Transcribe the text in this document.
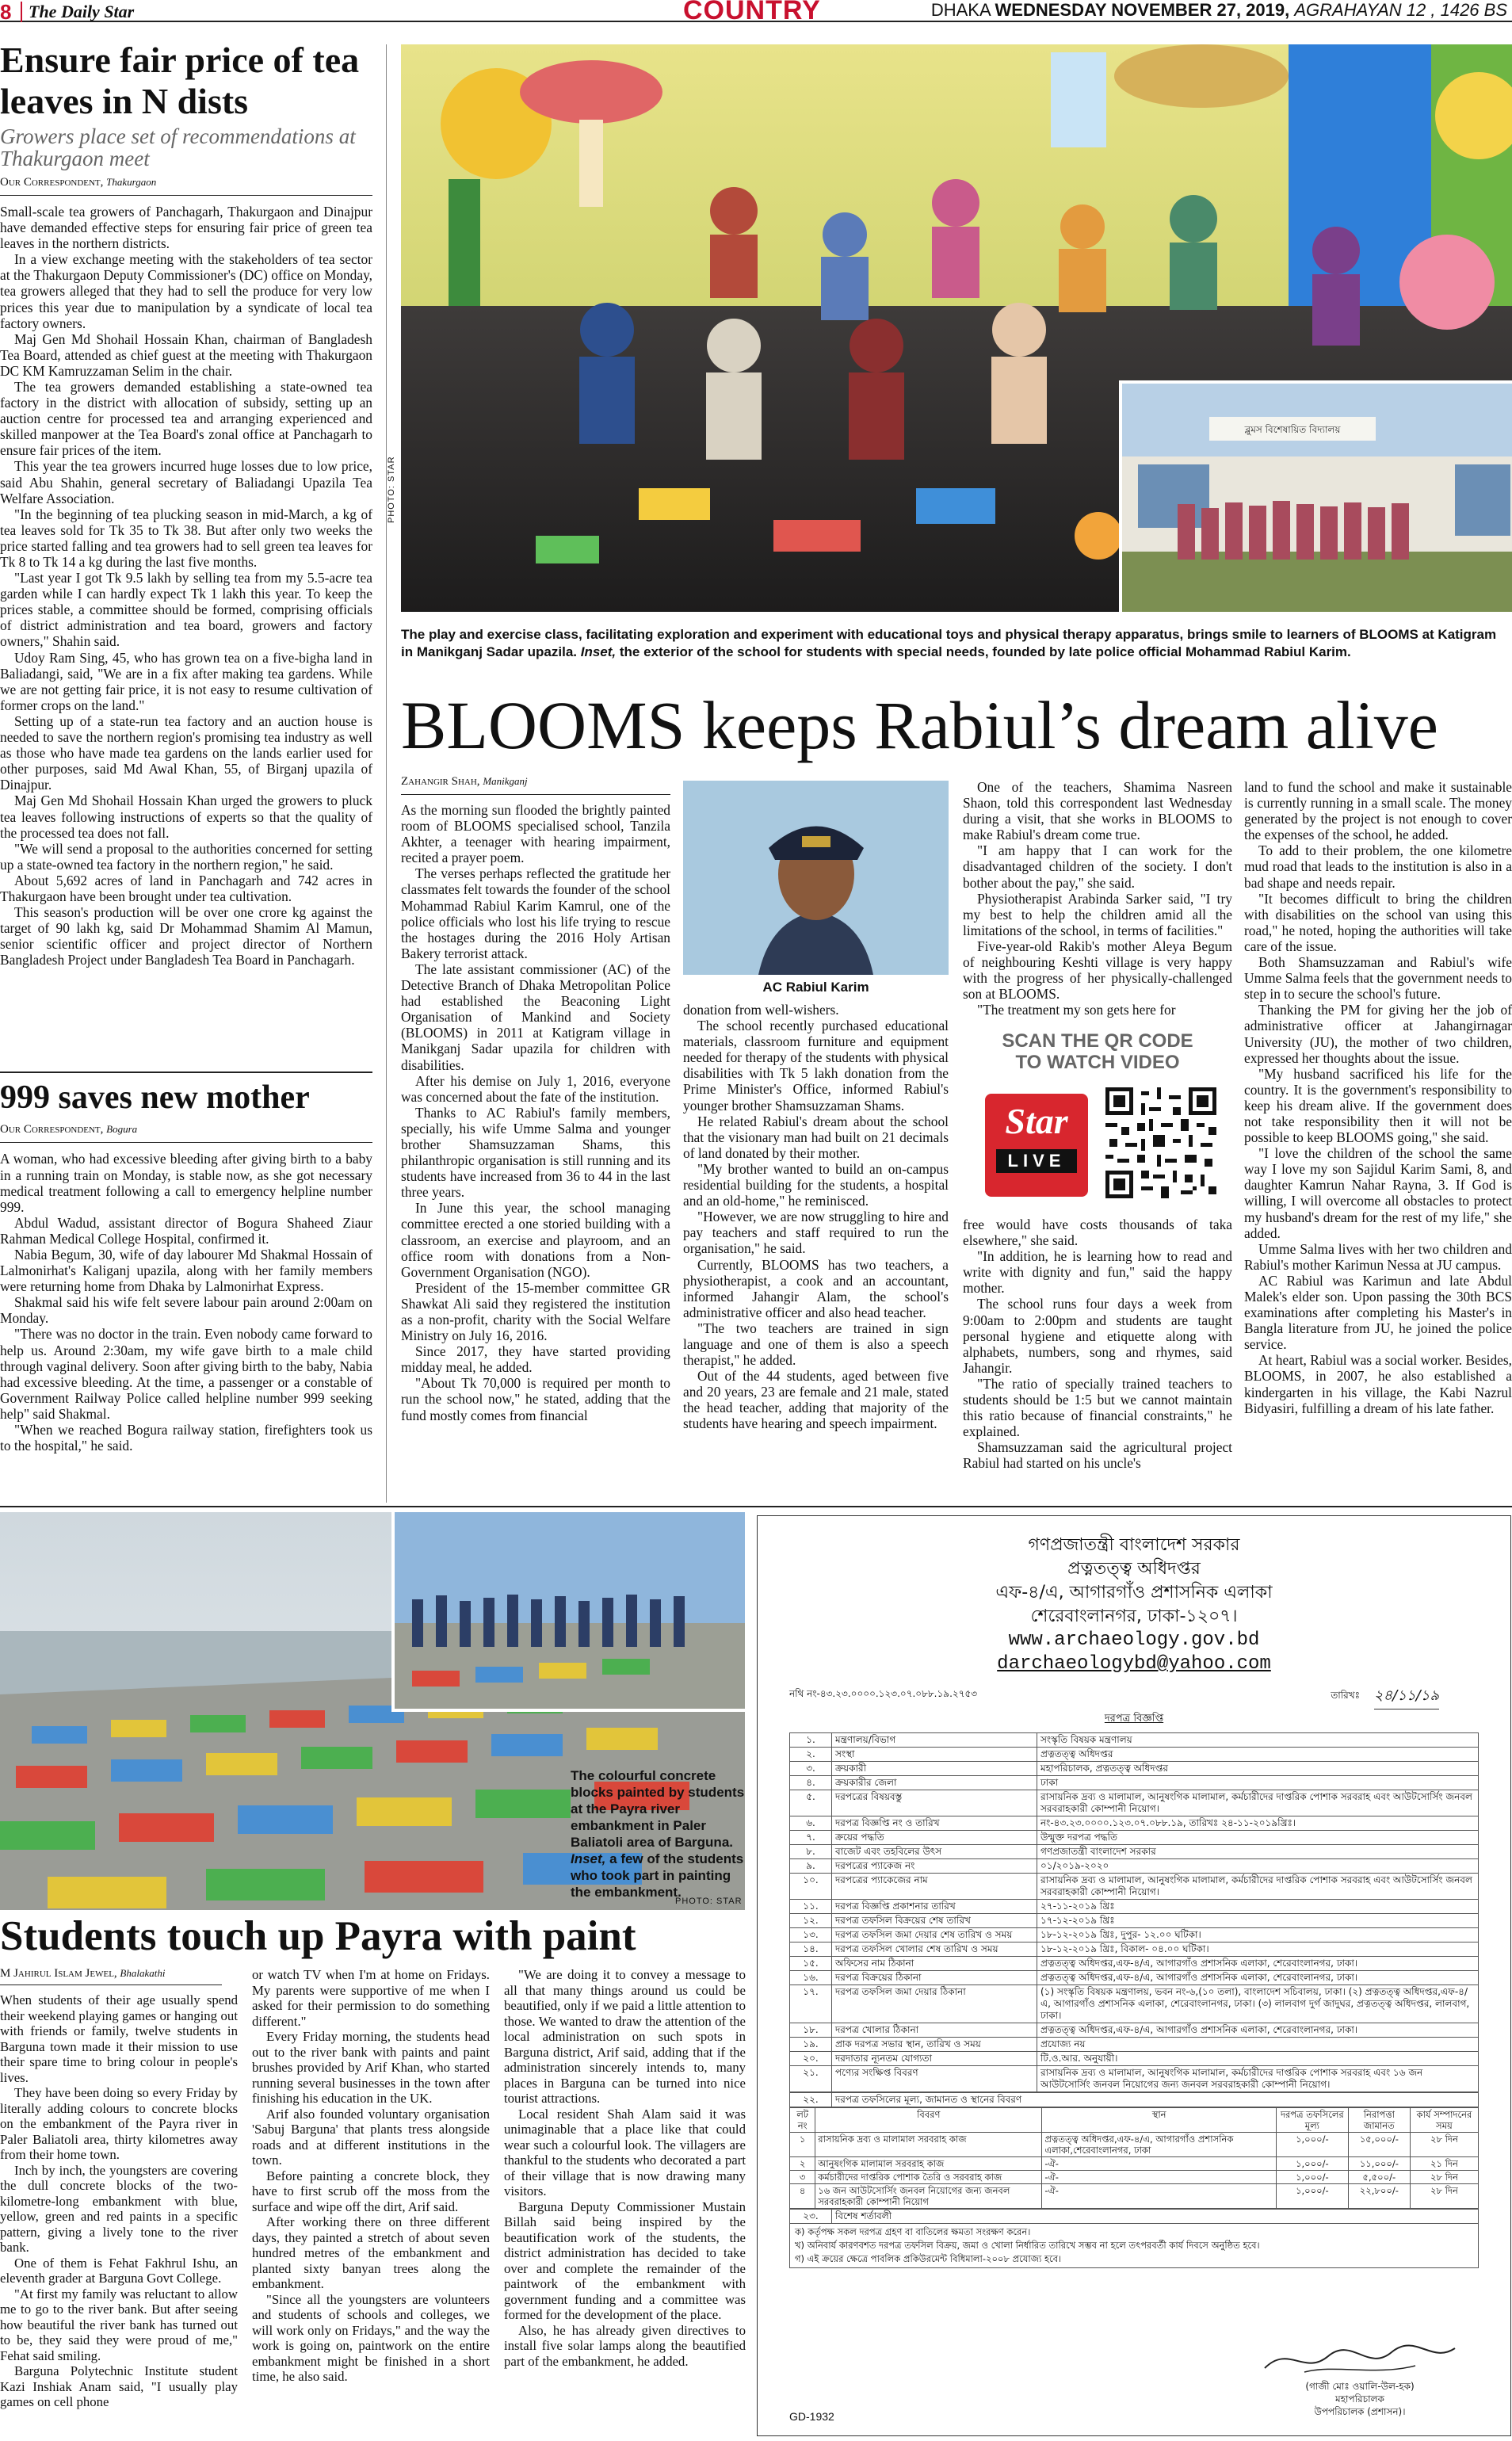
8 The Daily Star	COUNTRY	DHAKA WEDNESDAY NOVEMBER 27, 2019, AGRAHAYAN 12 , 1426 BS
Ensure fair price of tea leaves in N dists
Growers place set of recommendations at Thakurgaon meet
Our Correspondent, Thakurgaon

Small-scale tea growers of Panchagarh, Thakurgaon and Dinajpur have demanded effective steps for ensuring fair price of green tea leaves in the northern districts.

In a view exchange meeting with the stakeholders of tea sector at the Thakurgaon Deputy Commissioner's (DC) office on Monday, tea growers alleged that they had to sell the produce for very low prices this year due to manipulation by a syndicate of local tea factory owners.

Maj Gen Md Shohail Hossain Khan, chairman of Bangladesh Tea Board, attended as chief guest at the meeting with Thakurgaon DC KM Kamruzzaman Selim in the chair.

The tea growers demanded establishing a state-owned tea factory in the district with allocation of subsidy, setting up an auction centre for processed tea and arranging experienced and skilled manpower at the Tea Board's zonal office at Panchagarh to ensure fair prices of the item.

This year the tea growers incurred huge losses due to low price, said Abu Shahin, general secretary of Baliadangi Upazila Tea Welfare Association.

"In the beginning of tea plucking season in mid-March, a kg of tea leaves sold for Tk 35 to Tk 38. But after only two weeks the price started falling and tea growers had to sell green tea leaves for Tk 8 to Tk 14 a kg during the last five months.

"Last year I got Tk 9.5 lakh by selling tea from my 5.5-acre tea garden while I can hardly expect Tk 1 lakh this year. To keep the prices stable, a committee should be formed, comprising officials of district administration and tea board, growers and factory owners," Shahin said.

Udoy Ram Sing, 45, who has grown tea on a five-bigha land in Baliadangi, said, "We are in a fix after making tea gardens. While we are not getting fair price, it is not easy to resume cultivation of former crops on the land."

Setting up of a state-run tea factory and an auction house is needed to save the northern region's promising tea industry as well as those who have made tea gardens on the lands earlier used for other purposes, said Md Awal Khan, 55, of Birganj upazila of Dinajpur.

Maj Gen Md Shohail Hossain Khan urged the growers to pluck tea leaves following instructions of experts so that the quality of the processed tea does not fall.

"We will send a proposal to the authorities concerned for setting up a state-owned tea factory in the northern region," he said.

About 5,692 acres of land in Panchagarh and 742 acres in Thakurgaon have been brought under tea cultivation.

This season's production will be over one crore kg against the target of 90 lakh kg, said Dr Mohammad Shamim Al Mamun, senior scientific officer and project director of Northern Bangladesh Project under Bangladesh Tea Board in Panchagarh.

999 saves new mother
Our Correspondent, Bogura

A woman, who had excessive bleeding after giving birth to a baby in a running train on Monday, is stable now, as she got necessary medical treatment following a call to emergency helpline number 999.

Abdul Wadud, assistant director of Bogura Shaheed Ziaur Rahman Medical College Hospital, confirmed it.

Nabia Begum, 30, wife of day labourer Md Shakmal Hossain of Lalmonirhat's Kaliganj upazila, along with her family members were returning home from Dhaka by Lalmonirhat Express.

Shakmal said his wife felt severe labour pain around 2:00am on Monday.

"There was no doctor in the train. Even nobody came forward to help us. Around 2:30am, my wife gave birth to a male child through vaginal delivery. Soon after giving birth to the baby, Nabia had excessive bleeding. At the time, a passenger or a constable of Government Railway Police called helpline number 999 seeking help" said Shakmal.

"When we reached Bogura railway station, firefighters took us to the hospital," he said.

ব্লুমস বিশেষায়িত বিদ্যালয়
PHOTO: STAR
The play and exercise class, facilitating exploration and experiment with educational toys and physical therapy apparatus, brings smile to learners of BLOOMS at Katigram in Manikganj Sadar upazila. Inset, the exterior of the school for students with special needs, founded by late police official Mohammad Rabiul Karim.
BLOOMS keeps Rabiul’s dream alive
Zahangir Shah, Manikganj

As the morning sun flooded the brightly painted room of BLOOMS specialised school, Tanzila Akhter, a teenager with hearing impairment, recited a prayer poem.

The verses perhaps reflected the gratitude her classmates felt towards the founder of the school Mohammad Rabiul Karim Kamrul, one of the police officials who lost his life trying to rescue the hostages during the 2016 Holy Artisan Bakery terrorist attack.

The late assistant commissioner (AC) of the Detective Branch of Dhaka Metropolitan Police had established the Beaconing Light Organisation of Mankind and Society (BLOOMS) in 2011 at Katigram village in Manikganj Sadar upazila for children with disabilities.

After his demise on July 1, 2016, everyone was concerned about the fate of the institution.

Thanks to AC Rabiul's family members, specially, his wife Umme Salma and younger brother Shamsuzzaman Shams, this philanthropic organisation is still running and its students have increased from 36 to 44 in the last three years.

In June this year, the school managing committee erected a one storied building with a classroom, an exercise and playroom, and an office room with donations from a Non-Government Organisation (NGO).

President of the 15-member committee GR Shawkat Ali said they registered the institution as a non-profit, charity with the Social Welfare Ministry on July 16, 2016.

Since 2017, they have started providing midday meal, he added.

"About Tk 70,000 is required per month to run the school now," he stated, adding that the fund mostly comes from financial

AC Rabiul Karim

donation from well-wishers.

The school recently purchased educational materials, classroom furniture and equipment needed for therapy of the students with physical disabilities with Tk 5 lakh donation from the Prime Minister's Office, informed Rabiul's younger brother Shamsuzzaman Shams.

He related Rabiul's dream about the school that the visionary man had built on 21 decimals of land donated by their mother.

"My brother wanted to build an on-campus residential building for the students, a hospital and an old-home," he reminisced.

"However, we are now struggling to hire and pay teachers and staff required to run the organisation," he said.

Currently, BLOOMS has two teachers, a physiotherapist, a cook and an accountant, informed Jahangir Alam, the school's administrative officer and also head teacher.

"The two teachers are trained in sign language and one of them is also a speech therapist," he added.

Out of the 44 students, aged between five and 20 years, 23 are female and 21 male, stated the head teacher, adding that majority of the students have hearing and speech impairment.

One of the teachers, Shamima Nasreen Shaon, told this correspondent last Wednesday during a visit, that she works in BLOOMS to make Rabiul's dream come true.

"I am happy that I can work for the disadvantaged children of the society. I don't bother about the pay," she said.

Physiotherapist Arabinda Sarker said, "I try my best to help the children amid all the limitations of the school, in terms of facilities."

Five-year-old Rakib's mother Aleya Begum of neighbouring Keshti village is very happy with the progress of her physically-challenged son at BLOOMS.

"The treatment my son gets here for

SCAN THE QR CODE
TO WATCH VIDEO
Star
LIVE

free would have costs thousands of taka elsewhere," she said.

"In addition, he is learning how to read and write with dignity and fun," said the happy mother.

The school runs four days a week from 9:00am to 2:00pm and students are taught personal hygiene and etiquette along with alphabets, numbers, song and rhymes, said Jahangir.

"The ratio of specially trained teachers to students should be 1:5 but we cannot maintain this ratio because of financial constraints," he explained.

Shamsuzzaman said the agricultural project Rabiul had started on his uncle's

land to fund the school and make it sustainable is currently running in a small scale. The money generated by the project is not enough to cover the expenses of the school, he added.

To add to their problem, the one kilometre mud road that leads to the institution is also in a bad shape and needs repair.

"It becomes difficult to bring the children with disabilities on the school van using this road," he noted, hoping the authorities will take care of the issue.

Both Shamsuzzaman and Rabiul's wife Umme Salma feels that the government needs to step in to secure the school's future.

Thanking the PM for giving her the job of administrative officer at Jahangirnagar University (JU), the mother of two children, expressed her thoughts about the issue.

"My husband sacrificed his life for the country. It is the government's responsibility to keep his dream alive. If the government does not take responsibility then it will not be possible to keep BLOOMS going," she said.

"I love the children of the school the same way I love my son Sajidul Karim Sami, 8, and daughter Kamrun Nahar Rayna, 3. If God is willing, I will overcome all obstacles to protect my husband's dream for the rest of my life," she added.

Umme Salma lives with her two children and Rabiul's mother Karimun Nessa at JU campus.

AC Rabiul was Karimun and late Abdul Malek's elder son. Upon passing the 30th BCS examinations after completing his Master's in Bangla literature from JU, he joined the police service.

At heart, Rabiul was a social worker. Besides, BLOOMS, in 2007, he also established a kindergarten in his village, the Kabi Nazrul Bidyasiri, fulfilling a dream of his late father.

The colourful concrete blocks painted by students at the Payra river embankment in Paler Baliatoli area of Barguna. Inset, a few of the students who took part in painting the embankment.
PHOTO: STAR
Students touch up Payra with paint
M Jahirul Islam Jewel, Bhalakathi

When students of their age usually spend their weekend playing games or hanging out with friends or family, twelve students in Barguna town made it their mission to use their spare time to bring colour in people's lives.

They have been doing so every Friday by literally adding colours to concrete blocks on the embankment of the Payra river in Paler Baliatoli area, thirty kilometres away from their home town.

Inch by inch, the youngsters are covering the dull concrete blocks of the two-kilometre-long embankment with blue, yellow, green and red paints in a specific pattern, giving a lively tone to the river bank.

One of them is Fehat Fakhrul Ishu, an eleventh grader at Barguna Govt College.

"At first my family was reluctant to allow me to go to the river bank. But after seeing how beautiful the river bank has turned out to be, they said they were proud of me," Fehat said smiling.

Barguna Polytechnic Institute student Kazi Inshiak Anam said, "I usually play games on cell phone

or watch TV when I'm at home on Fridays. My parents were supportive of me when I asked for their permission to do something different."

Every Friday morning, the students head out to the river bank with paints and paint brushes provided by Arif Khan, who started running several businesses in the town after finishing his education in the UK.

Arif also founded voluntary organisation 'Sabuj Barguna' that plants tress alongside roads and at different institutions in the town.

Before painting a concrete block, they have to first scrub off the moss from the surface and wipe off the dirt, Arif said.

After working there on three different days, they painted a stretch of about seven hundred metres of the embankment and planted sixty banyan trees along the embankment.

"Since all the youngsters are volunteers and students of schools and colleges, we will work only on Fridays," and the way the work is going on, paintwork on the entire embankment might be finished in a short time, he also said.

"We are doing it to convey a message to all that many things around us could be beautified, only if we paid a little attention to those. We wanted to draw the attention of the local administration on such spots in Barguna district, Arif said, adding that if the administration sincerely intends to, many places in Barguna can be turned into nice tourist attractions.

Local resident Shah Alam said it was unimaginable that a place like that could wear such a colourful look. The villagers are thankful to the students who decorated a part of their village that is now drawing many visitors.

Barguna Deputy Commissioner Mustain Billah said being inspired by the beautification work of the students, the district administration has decided to take over and complete the remainder of the paintwork of the embankment with government funding and a committee was formed for the development of the place.

Also, he has already given directives to install five solar lamps along the beautified part of the embankment, he added.

গণপ্রজাতন্ত্রী বাংলাদেশ সরকার
প্রত্নতত্ত্ব অধিদপ্তর
এফ-৪/এ, আগারগাঁও প্রশাসনিক এলাকা
শেরেবাংলানগর, ঢাকা-১২০৭।
www.archaeology.gov.bd
darchaeologybd@yahoo.com
নথি নং-৪৩.২৩.০০০০.১২৩.০৭.০৮৮.১৯.২৭৫৩	তারিখঃ ২৪/১১/১৯
দরপত্র বিজ্ঞপ্তি
১.	মন্ত্রণালয়/বিভাগ	সংস্কৃতি বিষয়ক মন্ত্রণালয়
২.	সংস্থা	প্রত্নতত্ত্ব অধিদপ্তর
৩.	ক্রয়কারী	মহাপরিচালক, প্রত্নতত্ত্ব অধিদপ্তর
৪.	ক্রয়কারীর জেলা	ঢাকা
৫.	দরপত্রের বিষয়বস্তু	রাসায়নিক দ্রব্য ও মালামাল, আনুষংগিক মালামাল, কর্মচারীদের দাপ্তরিক পোশাক সরবরাহ এবং আউটসোর্সিং জনবল সরবরাহকারী কোম্পানী নিয়োগ।
৬.	দরপত্র বিজ্ঞপ্তি নং ও তারিখ	নং-৪৩.২৩.০০০০.১২৩.০৭.০৮৮.১৯, তারিখঃ ২৪-১১-২০১৯খ্রিঃ।
৭.	ক্রয়ের পদ্ধতি	উন্মুক্ত দরপত্র পদ্ধতি
৮.	বাজেট এবং তহবিলের উৎস	গণপ্রজাতন্ত্রী বাংলাদেশ সরকার
৯.	দরপত্রের প্যাকেজ নং	০১/২০১৯-২০২০
১০.	দরপত্রের প্যাকেজের নাম	রাসায়নিক দ্রব্য ও মালামাল, আনুষংগিক মালামাল, কর্মচারীদের দাপ্তরিক পোশাক সরবরাহ এবং আউটসোর্সিং জনবল সরবরাহকারী কোম্পানী নিয়োগ।
১১.	দরপত্র বিজ্ঞপ্তি প্রকাশনার তারিখ	২৭-১১-২০১৯ খ্রিঃ
১২.	দরপত্র তফসিল বিক্রয়ের শেষ তারিখ	১৭-১২-২০১৯ খ্রিঃ
১৩.	দরপত্র তফসিল জমা দেয়ার শেষ তারিখ ও সময়	১৮-১২-২০১৯ খ্রিঃ, দুপুর- ১২.০০ ঘটিকা।
১৪.	দরপত্র তফসিল খোলার শেষ তারিখ ও সময়	১৮-১২-২০১৯ খ্রিঃ, বিকাল- ০৪.০০ ঘটিকা।
১৫.	অফিসের নাম ঠিকানা	প্রত্নতত্ত্ব অধিদপ্তর,এফ-৪/এ, আগারগাঁও প্রশাসনিক এলাকা, শেরেবাংলানগর, ঢাকা।
১৬.	দরপত্র বিক্রয়ের ঠিকানা	প্রত্নতত্ত্ব অধিদপ্তর,এফ-৪/এ, আগারগাঁও প্রশাসনিক এলাকা, শেরেবাংলানগর, ঢাকা।
১৭.	দরপত্র তফসিল জমা দেয়ার ঠিকানা	(১) সংস্কৃতি বিষয়ক মন্ত্রণালয়, ভবন নং-৬,(১০ তলা), বাংলাদেশ সচিবালয়, ঢাকা। (২) প্রত্নতত্ত্ব অধিদপ্তর,এফ-৪/এ, আগারগাঁও প্রশাসনিক এলাকা, শেরেবাংলানগর, ঢাকা। (৩) লালবাগ দুর্গ জাদুঘর, প্রত্নতত্ত্ব অধিদপ্তর, লালবাগ, ঢাকা।
১৮.	দরপত্র খোলার ঠিকানা	প্রত্নতত্ত্ব অধিদপ্তর,এফ-৪/এ, আগারগাঁও প্রশাসনিক এলাকা, শেরেবাংলানগর, ঢাকা।
১৯.	প্রাক দরপত্র সভার স্থান, তারিখ ও সময়	প্রযোজ্য নয়
২০.	দরদাতার ন্যূনতম যোগ্যতা	টি.ও.আর. অনুযায়ী।
২১.	পণ্যের সংক্ষিপ্ত বিবরণ	রাসায়নিক দ্রব্য ও মালামাল, আনুষংগিক মালামাল, কর্মচারীদের দাপ্তরিক পোশাক সরবরাহ এবং ১৬ জন আউটসোর্সিং জনবল নিয়োগের জন্য জনবল সরবরাহকারী কোম্পানী নিয়োগ।
২২.	দরপত্র তফসিলের মূল্য, জামানত ও স্থানের বিবরণ
লট নং	বিবরণ	স্থান	দরপত্র তফসিলের মূল্য	নিরাপত্তা জামানত	কার্য সম্পাদনের সময়
১	রাসায়নিক দ্রব্য ও মালামাল সরবরাহ কাজ	প্রত্নতত্ত্ব অধিদপ্তর,এফ-৪/এ, আগারগাঁও প্রশাসনিক এলাকা,শেরেবাংলানগর, ঢাকা	১,০০০/-	১৫,০০০/-	২৮ দিন
২	আনুষংগিক মালামাল সরবরাহ কাজ	-ঐ-	১,০০০/-	১১,০০০/-	২১ দিন
৩	কর্মচারীদের দাপ্তরিক পোশাক তৈরি ও সরবরাহ কাজ	-ঐ-	১,০০০/-	৫,৫০০/-	২৮ দিন
৪	১৬ জন আউটসোর্সিং জনবল নিয়োগের জন্য জনবল সরবরাহকারী কোম্পানী নিয়োগ	-ঐ-	১,০০০/-	২২,৮০০/-	২৮ দিন
২৩.	বিশেষ শর্তাবলী
ক) কর্তৃপক্ষ সকল দরপত্র গ্রহণ বা বাতিলের ক্ষমতা সংরক্ষণ করেন।
খ) অনিবার্য কারণবশত দরপত্র তফসিল বিক্রয়, জমা ও খোলা নির্ধারিত তারিখে সম্ভব না হলে তৎপরবর্তী কার্য দিবসে অনুষ্ঠিত হবে।
গ) এই ক্রয়ের ক্ষেত্রে পাবলিক প্রকিউরমেন্ট বিধিমালা-২০০৮ প্রযোজ্য হবে।
(গাজী মোঃ ওয়ালি-উল-হক)
মহাপরিচালক
উপপরিচালক (প্রশাসন)।
GD-1932
